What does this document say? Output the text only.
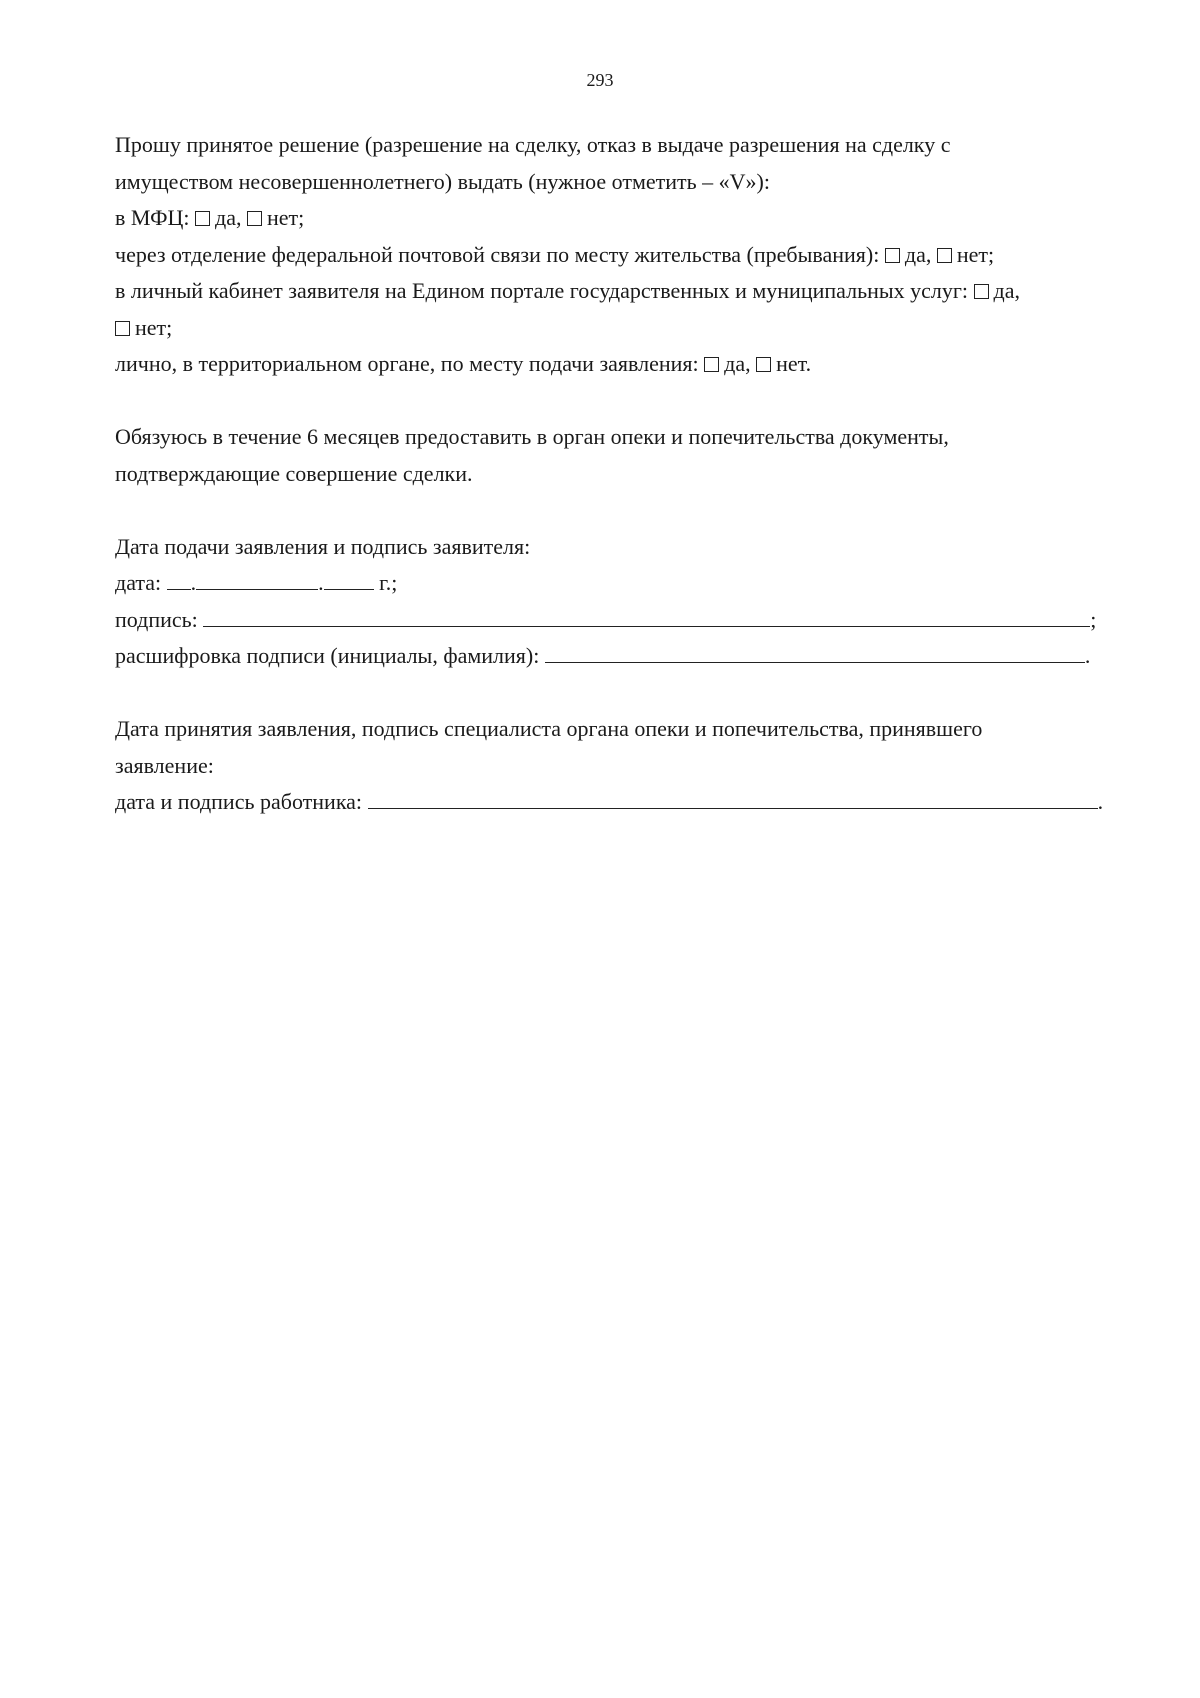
293
Прошу принятое решение (разрешение на сделку, отказ в выдаче разрешения на сделку с
имуществом несовершеннолетнего) выдать (нужное отметить – «V»):
в МФЦ: да, нет;
через отделение федеральной почтовой связи по месту жительства (пребывания): да, нет;
в личный кабинет заявителя на Едином портале государственных и муниципальных услуг: да,
нет;
лично, в территориальном органе, по месту подачи заявления: да, нет.
Обязуюсь в течение 6 месяцев предоставить в орган опеки и попечительства документы,
подтверждающие совершение сделки.
Дата подачи заявления и подпись заявителя:
дата: .	.	г.;
подпись:	;
расшифровка подписи (инициалы, фамилия):	.
Дата принятия заявления, подпись специалиста органа опеки и попечительства, принявшего
заявление:
дата и подпись работника:	.
